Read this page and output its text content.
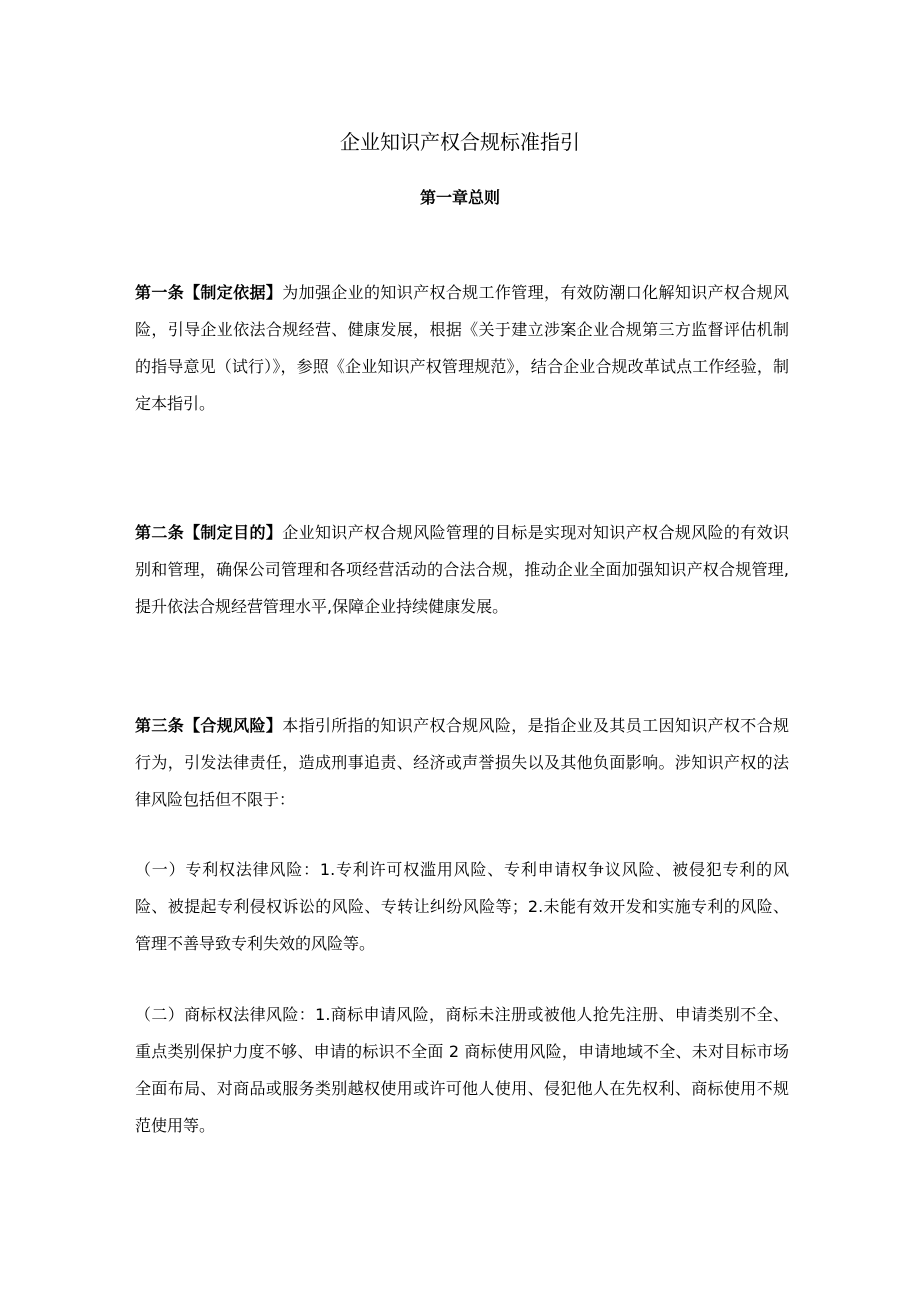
企业知识产权合规标准指引
第一章总则

第一条【制定依据】为加强企业的知识产权合规工作管理，有效防潮口化解知识产权合规风险，引导企业依法合规经营、健康发展，根据《关于建立涉案企业合规第三方监督评估机制的指导意见（试行）》，参照《企业知识产权管理规范》，结合企业合规改革试点工作经验，制定本指引。

第二条【制定目的】企业知识产权合规风险管理的目标是实现对知识产权合规风险的有效识别和管理，确保公司管理和各项经营活动的合法合规，推动企业全面加强知识产权合规管理,提升依法合规经营管理水平,保障企业持续健康发展。

第三条【合规风险】本指引所指的知识产权合规风险，是指企业及其员工因知识产权不合规行为，引发法律责任，造成刑事追责、经济或声誉损失以及其他负面影响。涉知识产权的法律风险包括但不限于：

（一）专利权法律风险：1.专利许可权滥用风险、专利申请权争议风险、被侵犯专利的风险、被提起专利侵权诉讼的风险、专转让纠纷风险等；2.未能有效开发和实施专利的风险、管理不善导致专利失效的风险等。

（二）商标权法律风险：1.商标申请风险，商标未注册或被他人抢先注册、申请类别不全、重点类别保护力度不够、申请的标识不全面 2 商标使用风险，申请地域不全、未对目标市场全面布局、对商品或服务类别越权使用或许可他人使用、侵犯他人在先权利、商标使用不规范使用等。
